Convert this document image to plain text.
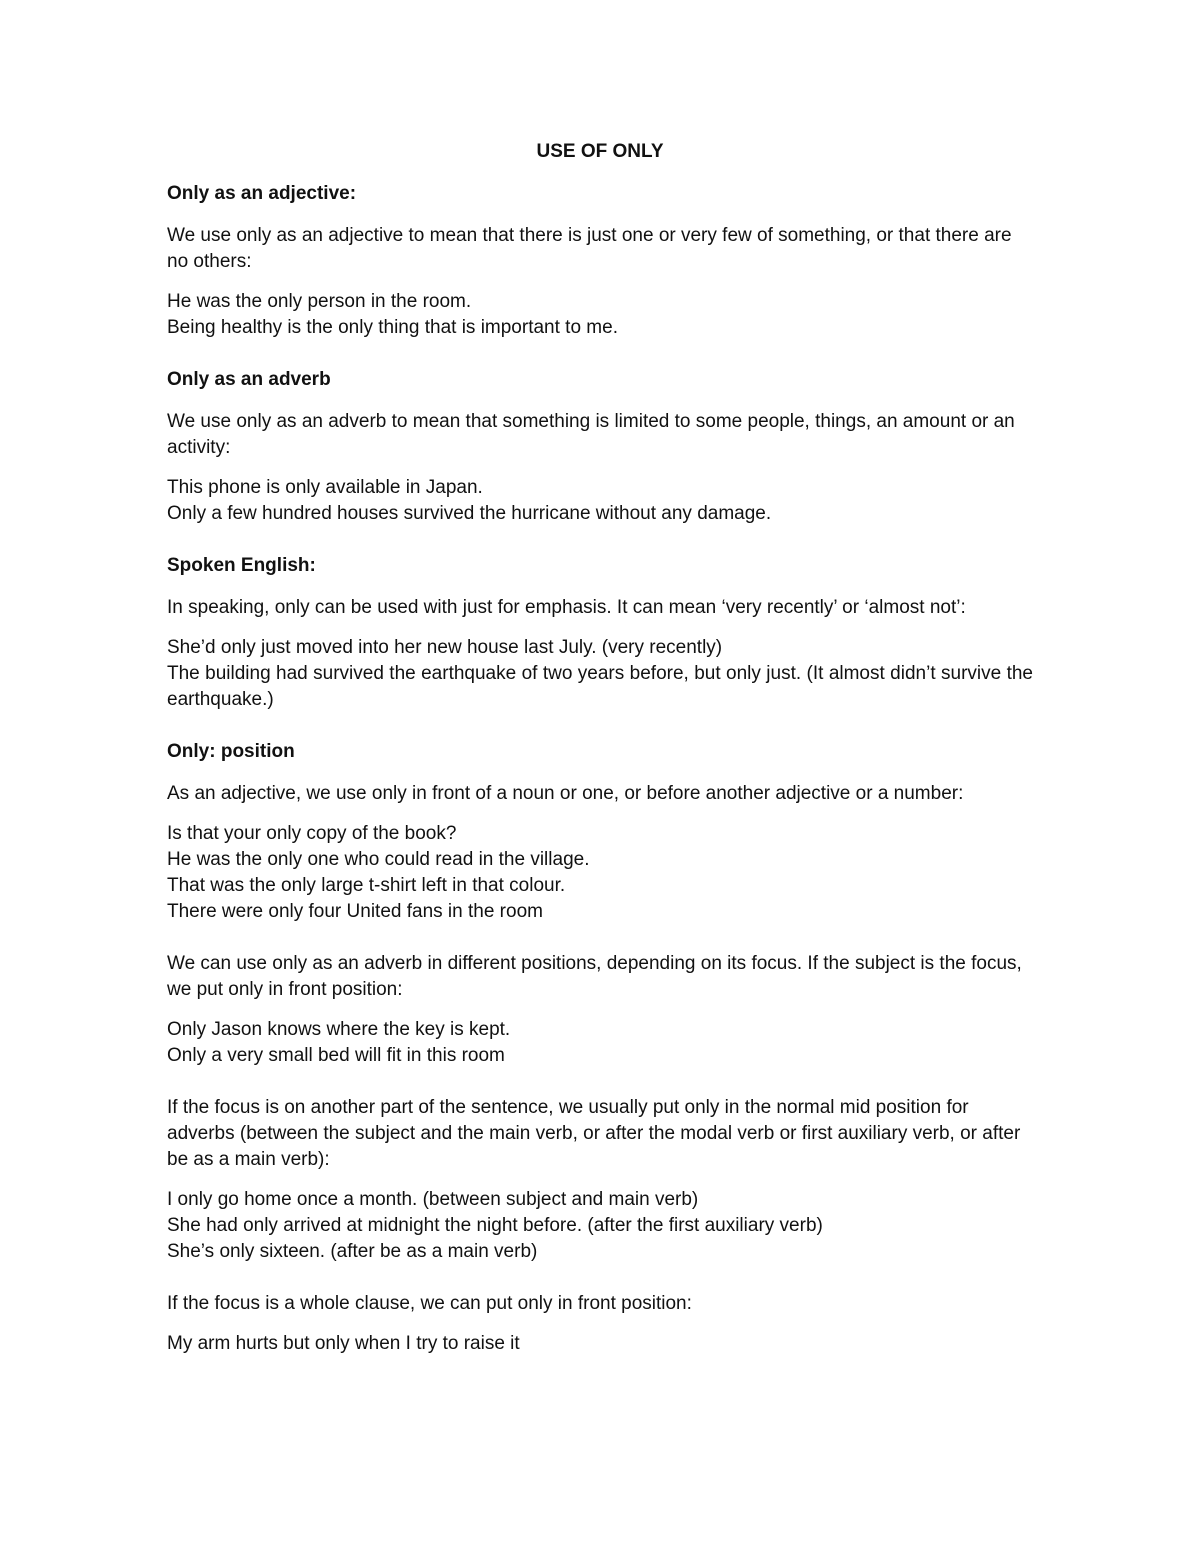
USE OF ONLY
Only as an adjective:
We use only as an adjective to mean that there is just one or very few of something, or that there are no others:
He was the only person in the room.
Being healthy is the only thing that is important to me.
Only as an adverb
We use only as an adverb to mean that something is limited to some people, things, an amount or an activity:
This phone is only available in Japan.
Only a few hundred houses survived the hurricane without any damage.
Spoken English:
In speaking, only can be used with just for emphasis. It can mean ‘very recently’ or ‘almost not’:
She’d only just moved into her new house last July. (very recently)
The building had survived the earthquake of two years before, but only just. (It almost didn’t survive the earthquake.)
Only: position
As an adjective, we use only in front of a noun or one, or before another adjective or a number:
Is that your only copy of the book?
He was the only one who could read in the village.
That was the only large t-shirt left in that colour.
There were only four United fans in the room
We can use only as an adverb in different positions, depending on its focus. If the subject is the focus, we put only in front position:
Only Jason knows where the key is kept.
Only a very small bed will fit in this room
If the focus is on another part of the sentence, we usually put only in the normal mid position for adverbs (between the subject and the main verb, or after the modal verb or first auxiliary verb, or after be as a main verb):
I only go home once a month. (between subject and main verb)
She had only arrived at midnight the night before. (after the first auxiliary verb)
She’s only sixteen. (after be as a main verb)
If the focus is a whole clause, we can put only in front position:
My arm hurts but only when I try to raise it
